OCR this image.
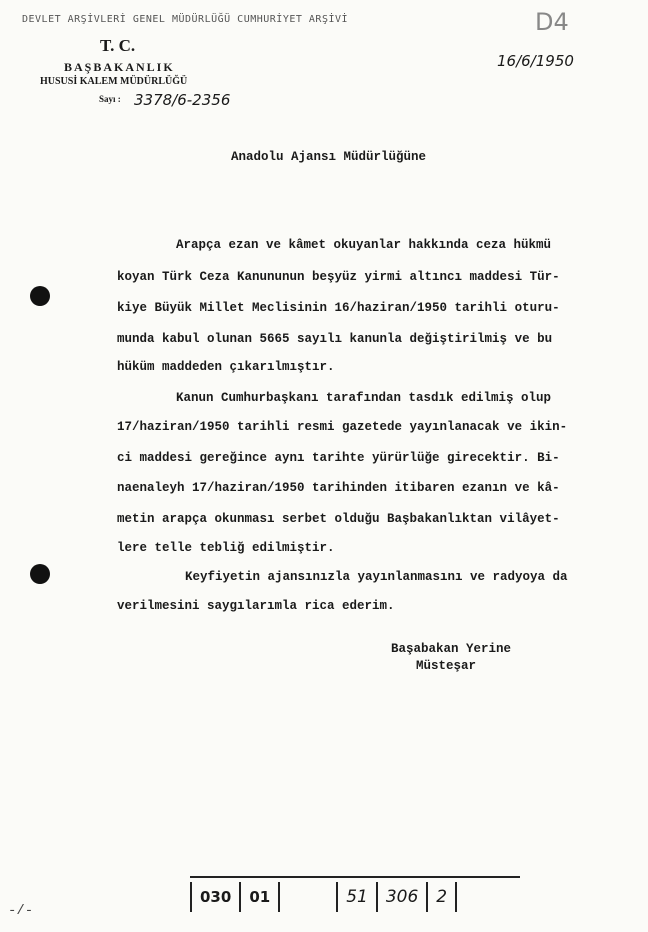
DEVLET ARŞİVLERİ GENEL MÜDÜRLÜĞÜ CUMHURİYET ARŞİVİ
T. C.
BAŞBAKANLIK
HUSUSİ KALEM MÜDÜRLÜĞÜ
Sayı : 3378/6-2356
16/6/1950
D4
Anadolu Ajansı Müdürlüğüne
Arapça ezan ve kâmet okuyanlar hakkında ceza hükmü
koyan Türk Ceza Kanununun beşyüz yirmi altıncı maddesi Tür-
kiye Büyük Millet Meclisinin 16/haziran/1950 tarihli oturu-
munda kabul olunan 5665 sayılı kanunla değiştirilmiş ve bu
hüküm maddeden çıkarılmıştır.
Kanun Cumhurbaşkanı tarafından tasdık edilmiş olup
17/haziran/1950 tarihli resmi gazetede yayınlanacak ve ikin-
ci maddesi gereğince aynı tarihte yürürlüğe girecektir. Bi-
naenaleyh 17/haziran/1950 tarihinden itibaren ezanın ve kâ-
metin arapça okunması serbet olduğu Başbakanlıktan vilâyet-
lere telle tebliğ edilmiştir.
Keyfiyetin ajansınızla yayınlanmasını ve radyoya da
verilmesini saygılarımla rica ederim.
Başabakan Yerine
Müsteşar
030	01	51	306	2
-/-
